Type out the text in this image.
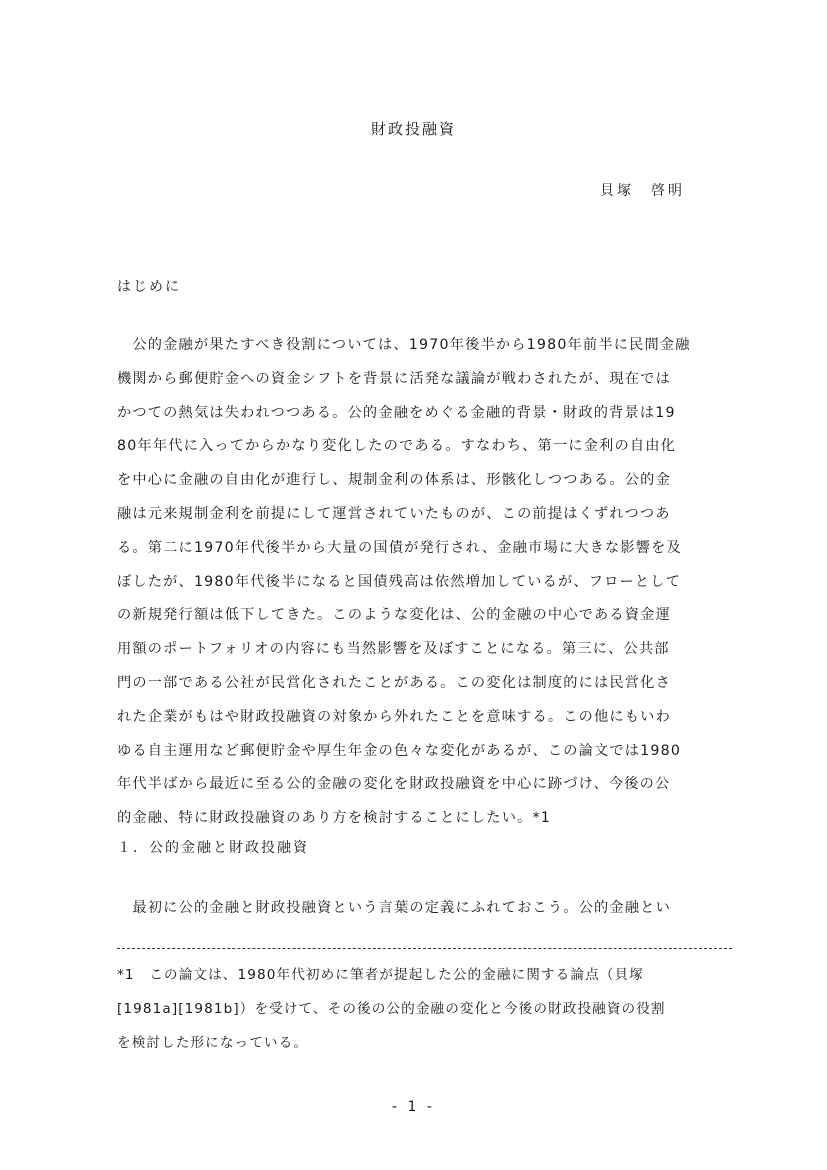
財政投融資
貝塚　啓明
はじめに
　公的金融が果たすべき役割については、1970年後半から1980年前半に民間金融
機関から郵便貯金への資金シフトを背景に活発な議論が戦わされたが、現在では
かつての熱気は失われつつある。公的金融をめぐる金融的背景・財政的背景は19
80年年代に入ってからかなり変化したのである。すなわち、第一に金利の自由化
を中心に金融の自由化が進行し、規制金利の体系は、形骸化しつつある。公的金
融は元来規制金利を前提にして運営されていたものが、この前提はくずれつつあ
る。第二に1970年代後半から大量の国債が発行され、金融市場に大きな影響を及
ぼしたが、1980年代後半になると国債残高は依然増加しているが、フローとして
の新規発行額は低下してきた。このような変化は、公的金融の中心である資金運
用額のポートフォリオの内容にも当然影響を及ぼすことになる。第三に、公共部
門の一部である公社が民営化されたことがある。この変化は制度的には民営化さ
れた企業がもはや財政投融資の対象から外れたことを意味する。この他にもいわ
ゆる自主運用など郵便貯金や厚生年金の色々な変化があるが、この論文では1980
年代半ばから最近に至る公的金融の変化を財政投融資を中心に跡づけ、今後の公
的金融、特に財政投融資のあり方を検討することにしたい。*1
１．公的金融と財政投融資
　最初に公的金融と財政投融資という言葉の定義にふれておこう。公的金融とい
*1　この論文は、1980年代初めに筆者が提起した公的金融に関する論点（貝塚
[1981a][1981b]）を受けて、その後の公的金融の変化と今後の財政投融資の役割
を検討した形になっている。
- 1 -
